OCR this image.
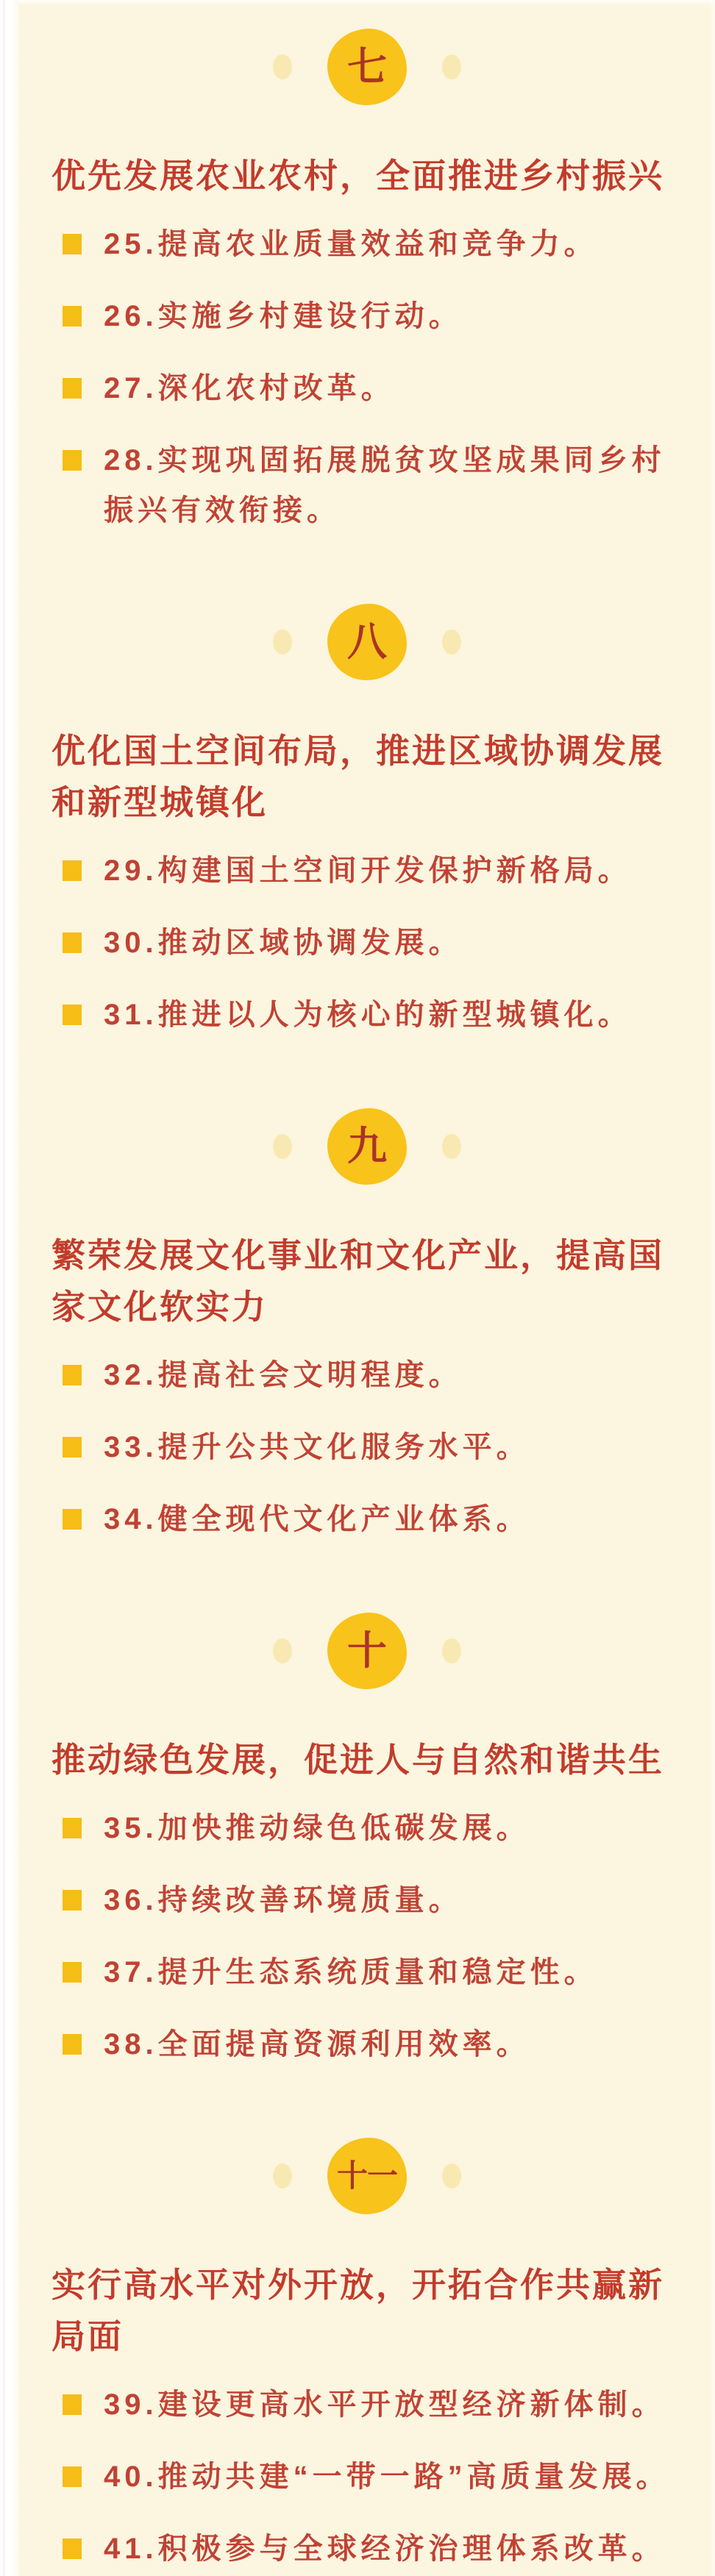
七
优先发展农业农村，全面推进乡村振兴
25.提高农业质量效益和竞争力。
26.实施乡村建设行动。
27.深化农村改革。
28.实现巩固拓展脱贫攻坚成果同乡村振兴有效衔接。
八
优化国土空间布局，推进区域协调发展
和新型城镇化
29.构建国土空间开发保护新格局。
30.推动区域协调发展。
31.推进以人为核心的新型城镇化。
九
繁荣发展文化事业和文化产业，提高国
家文化软实力
32.提高社会文明程度。
33.提升公共文化服务水平。
34.健全现代文化产业体系。
十
推动绿色发展，促进人与自然和谐共生
35.加快推动绿色低碳发展。
36.持续改善环境质量。
37.提升生态系统质量和稳定性。
38.全面提高资源利用效率。
十一
实行高水平对外开放，开拓合作共赢新
局面
39.建设更高水平开放型经济新体制。
40.推动共建“一带一路”高质量发展。
41.积极参与全球经济治理体系改革。
